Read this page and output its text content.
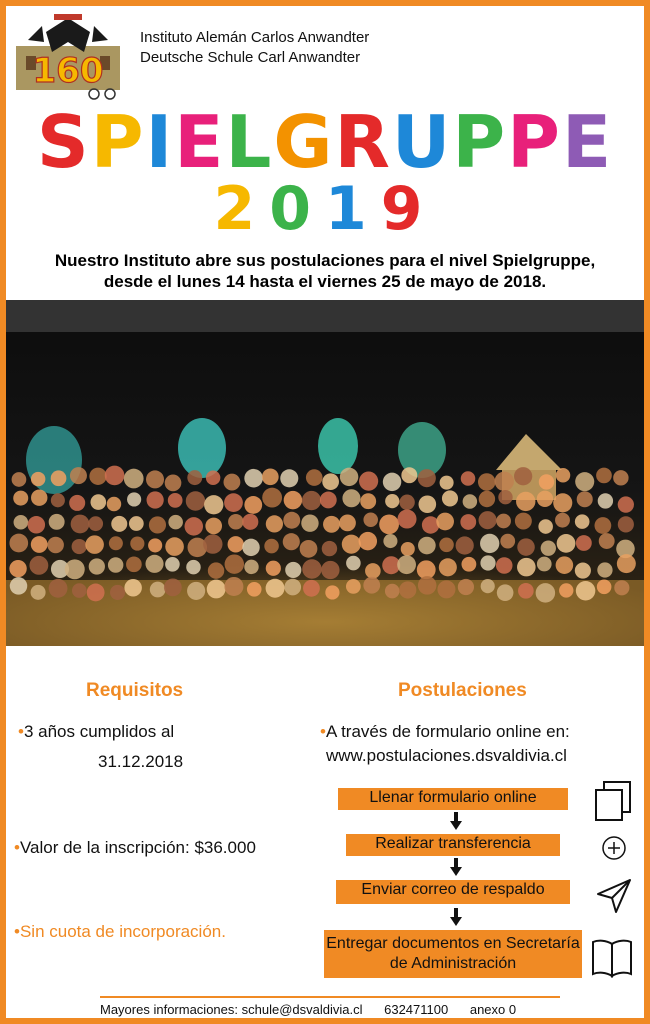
160
Instituto Alemán Carlos Anwandter
Deutsche Schule Carl Anwandter
SPIELGRUPPE
2019
Nuestro Instituto abre sus postulaciones para el nivel Spielgruppe,
desde el lunes 14 hasta el viernes 25 de mayo de 2018.
Requisitos
•3 años cumplidos al
31.12.2018
•Valor de la inscripción: $36.000
•Sin cuota de incorporación.
Postulaciones
•A través de formulario online en:
www.postulaciones.dsvaldivia.cl
Llenar formulario online
Realizar transferencia
Enviar correo de respaldo
Entregar documentos en Secretaría de Administración
Mayores informaciones: schule@dsvaldivia.cl 632471100 anexo 0
